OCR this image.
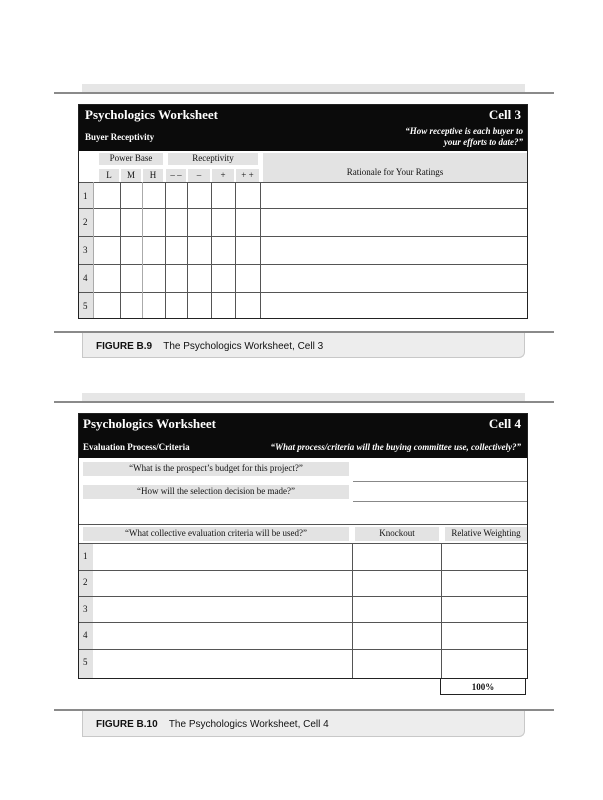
Psychologics Worksheet	Cell 3
Buyer Receptivity
“How receptive is each buyer to
your efforts to date?”
Power Base	Receptivity
Rationale for Your Ratings
L	M	H	– –	–	+	+ +
1
2
3
4
5
FIGURE B.9 The Psychologics Worksheet, Cell 3
Psychologics Worksheet	Cell 4
Evaluation Process/Criteria	“What process/criteria will the buying committee use, collectively?”
“What is the prospect’s budget for this project?”
“How will the selection decision be made?”
“What collective evaluation criteria will be used?”	Knockout	Relative Weighting
1
2
3
4
5
100%
FIGURE B.10 The Psychologics Worksheet, Cell 4
